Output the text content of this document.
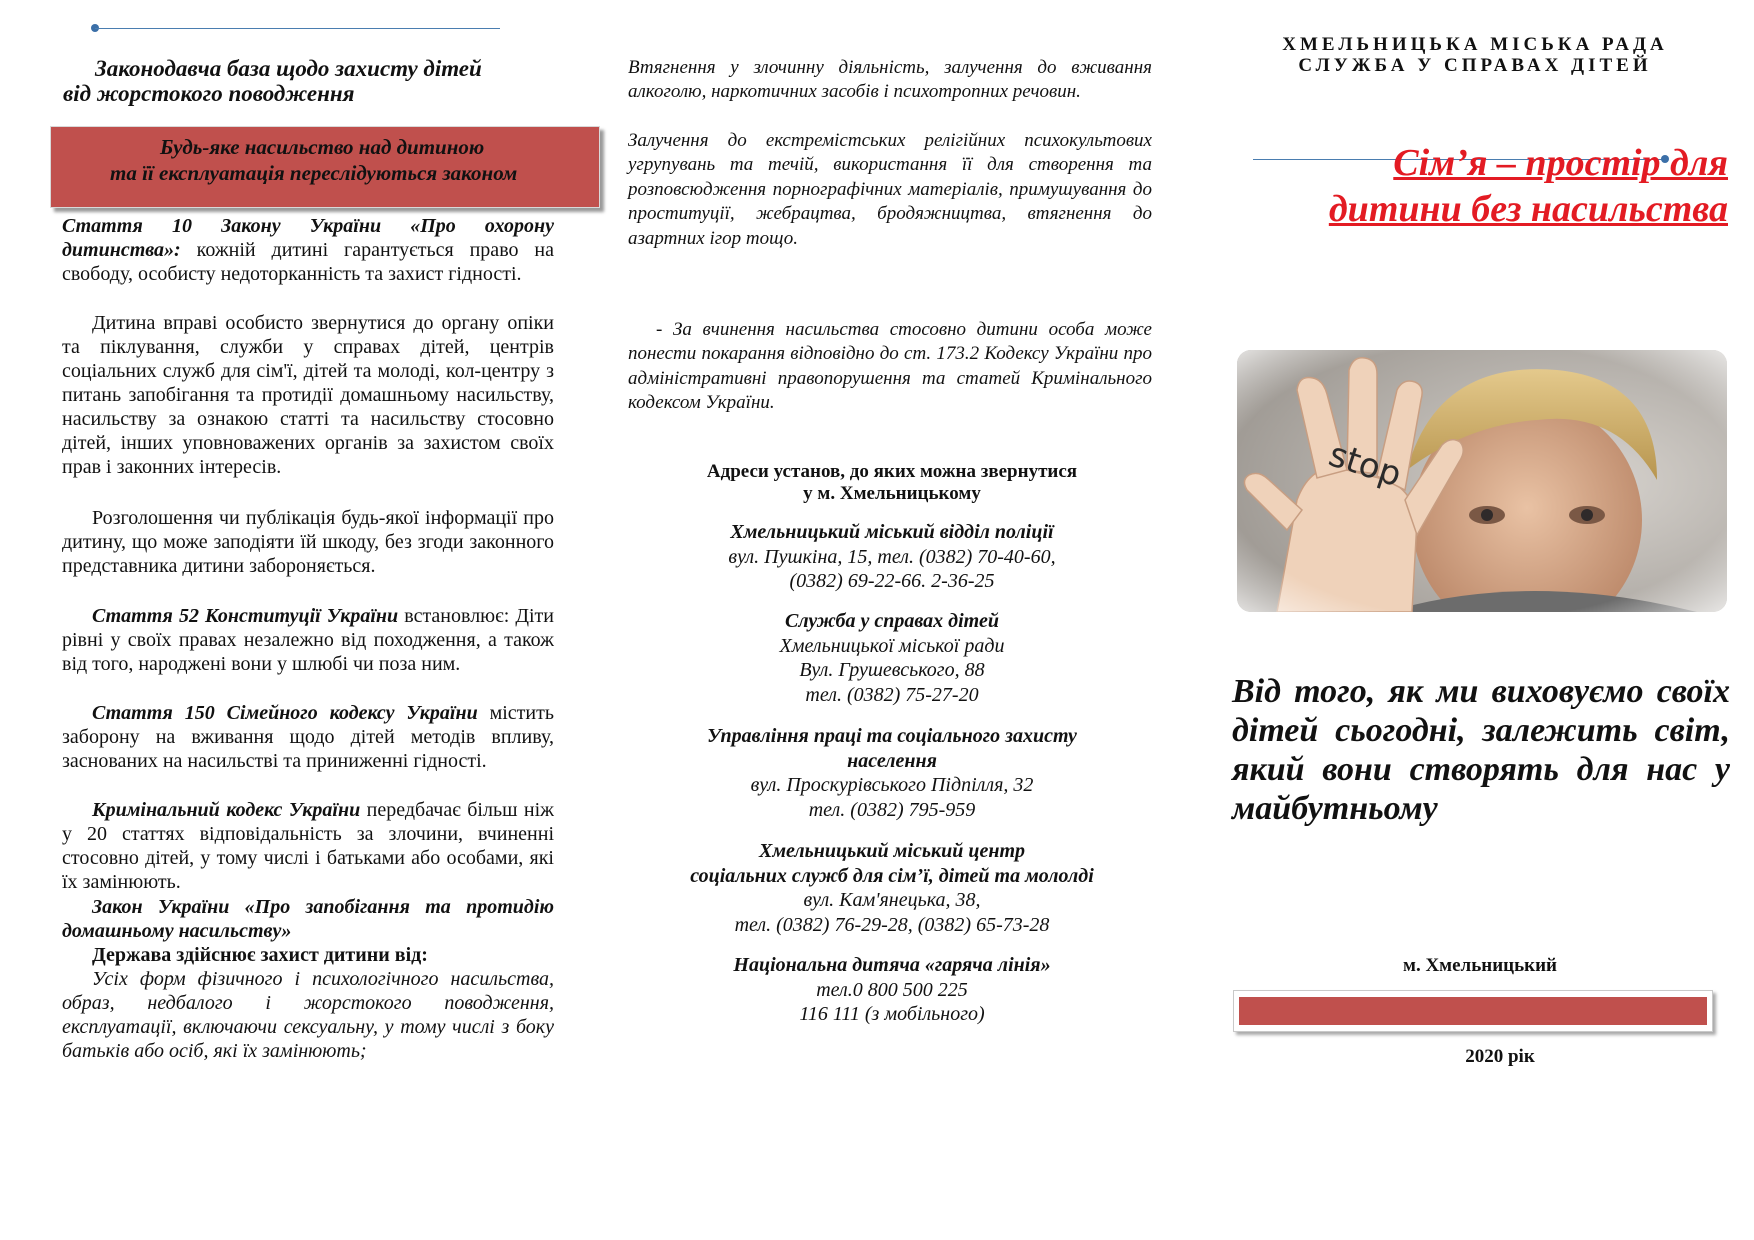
Законодавча база щодо захисту дітей
від жорстокого поводження
Будь-яке насильство над дитиною
та її експлуатація переслідуються законом

Стаття 10 Закону України «Про охорону дитинства»: кожній дитині гарантується право на свободу, особисту недоторканність та захист гідності.

Дитина вправі особисто звернутися до органу опіки та піклування, служби у справах дітей, центрів соціальних служб для сім'ї, дітей та молоді, кол-центру з питань запобігання та протидії домашньому насильству, насильству за ознакою статті та насильству стосовно дітей, інших уповноважених органів за захистом своїх прав і законних інтересів.

Розголошення чи публікація будь-якої інформації про дитину, що може заподіяти їй шкоду, без згоди законного представника дитини забороняється.

Стаття 52 Конституції України встановлює: Діти рівні у своїх правах незалежно від походження, а також від того, народжені вони у шлюбі чи поза ним.

Стаття 150 Сімейного кодексу України містить заборону на вживання щодо дітей методів впливу, заснованих на насильстві та приниженні гідності.

Кримінальний кодекс України передбачає більш ніж у 20 статтях відповідальність за злочини, вчиненні стосовно дітей, у тому числі і батьками або особами, які їх замінюють.

Закон України «Про запобігання та протидію домашньому насильству»

Держава здійснює захист дитини від:

Усіх форм фізичного і психологічного насильства, образ, недбалого і жорстокого поводження, експлуатації, включаючи сексуальну, у тому числі з боку батьків або осіб, які їх замінюють;

Втягнення у злочинну діяльність, залучення до вживання алкоголю, наркотичних засобів і психотропних речовин.

Залучення до екстремістських релігійних психокультових угрупувань та течій, використання її для створення та розповсюдження порнографічних матеріалів, примушування до проституції, жебрацтва, бродяжництва, втягнення до азартних ігор тощо.

- За вчинення насильства стосовно дитини особа може понести покарання відповідно до ст. 173.2 Кодексу України про адміністративні правопорушення та статей Кримінального кодексом України.

Адреси установ, до яких можна звернутися
у м. Хмельницькому
Хмельницький міський відділ поліції
вул. Пушкіна, 15, тел. (0382) 70-40-60,
(0382) 69-22-66. 2-36-25
Служба у справах дітей
Хмельницької міської ради
Вул. Грушевського, 88
тел. (0382) 75-27-20
Управління праці та соціального захисту
населення
вул. Проскурівського Підпілля, 32
тел. (0382) 795-959
Хмельницький міський центр
соціальних служб для сім’ї, дітей та мололді
вул. Кам'янецька, 38,
тел. (0382) 76-29-28, (0382) 65-73-28
Національна дитяча «гаряча лінія»
тел.0 800 500 225
116 111 (з мобільного)
ХМЕЛЬНИЦЬКА МІСЬКА РАДА
СЛУЖБА У СПРАВАХ ДІТЕЙ
Сім’я – простір для
дитини без насильства
Від того, як ми виховуємо своїх дітей сьогодні, залежить світ, який вони створять для нас у майбутньому
м. Хмельницький
2020 рік
